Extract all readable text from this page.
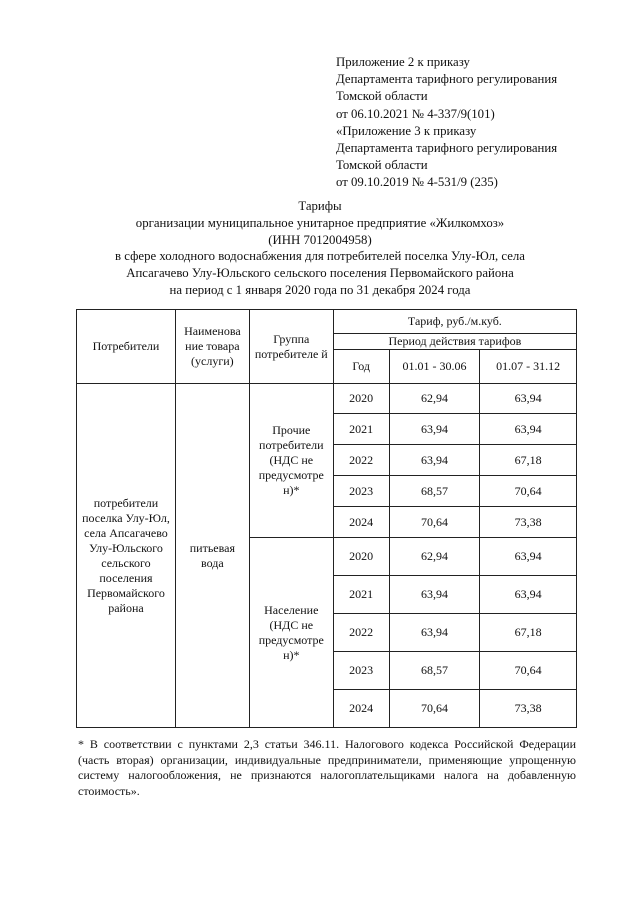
Приложение 2 к приказу
Департамента тарифного регулирования
Томской области
от 06.10.2021 № 4-337/9(101)
«Приложение 3 к приказу
Департамента тарифного регулирования
Томской области
от 09.10.2019 № 4-531/9 (235)
Тарифы
организации муниципальное унитарное предприятие «Жилкомхоз»
(ИНН 7012004958)
в сфере холодного водоснабжения для потребителей поселка Улу-Юл, села
Апсагачево Улу-Юльского сельского поселения Первомайского района
на период с 1 января 2020 года по 31 декабря 2024 года
Потребители	Наименова ние товара (услуги)	Группа потребителе й	Тариф, руб./м.куб.		
			Период действия тарифов		
			Год	01.01 - 30.06	01.07 - 31.12
потребители поселка Улу-Юл, села Апсагачево Улу-Юльского сельского поселения Первомайского района	питьевая вода	Прочие потребители (НДС не предусмотре н)*	2020	62,94	63,94
			2021	63,94	63,94
			2022	63,94	67,18
			2023	68,57	70,64
			2024	70,64	73,38
		Население (НДС не предусмотре н)*	2020	62,94	63,94
			2021	63,94	63,94
			2022	63,94	67,18
			2023	68,57	70,64
			2024	70,64	73,38
* В соответствии с пунктами 2,3 статьи 346.11. Налогового кодекса Российской Федерации (часть вторая) организации, индивидуальные предприниматели, применяющие упрощенную систему налогообложения, не признаются налогоплательщиками налога на добавленную стоимость».
